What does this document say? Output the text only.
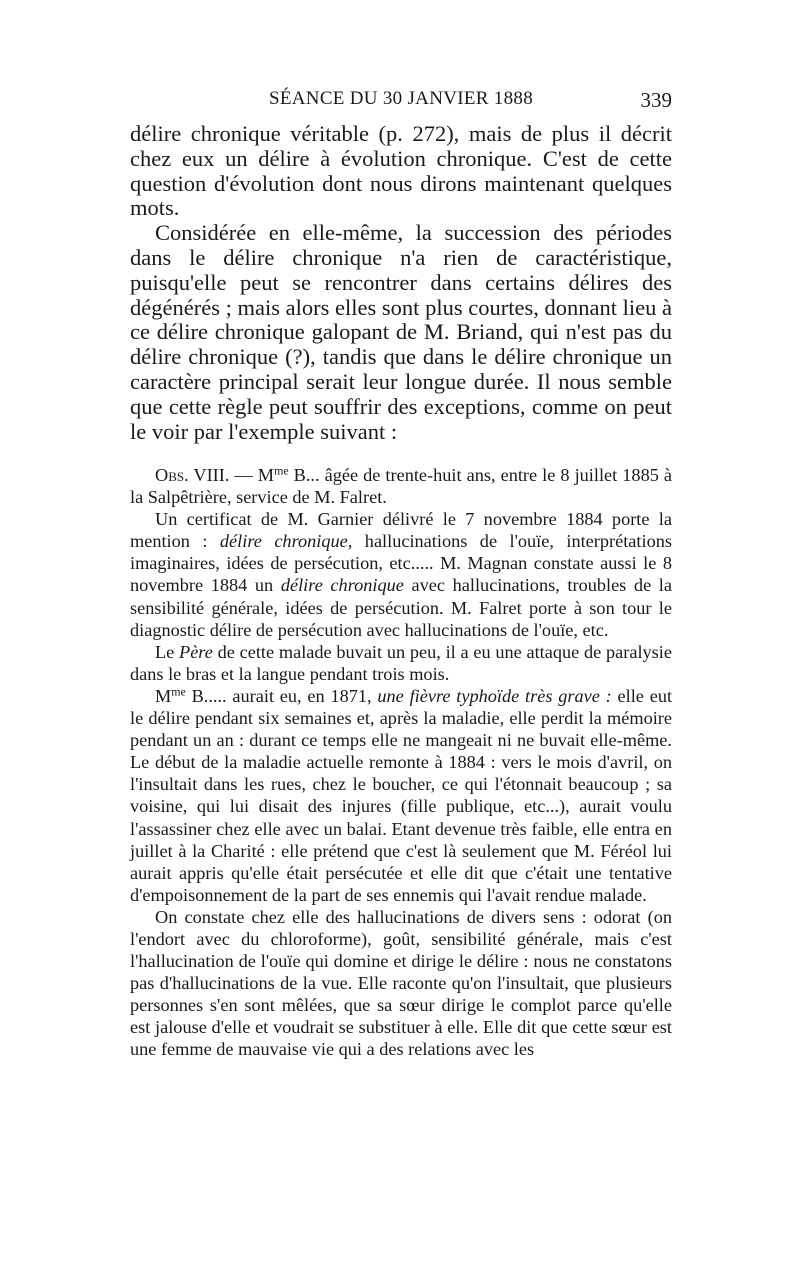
SÉANCE DU 30 JANVIER 1888	339

délire chronique véritable (p. 272), mais de plus il décrit chez eux un délire à évolution chronique. C'est de cette question d'évolution dont nous dirons maintenant quelques mots.

Considérée en elle-même, la succession des périodes dans le délire chronique n'a rien de caractéristique, puisqu'elle peut se rencontrer dans certains délires des dégénérés ; mais alors elles sont plus courtes, donnant lieu à ce délire chronique galopant de M. Briand, qui n'est pas du délire chronique (?), tandis que dans le délire chronique un caractère principal serait leur longue durée. Il nous semble que cette règle peut souffrir des exceptions, comme on peut le voir par l'exemple suivant :

Obs. VIII. — $M^{me}$ B... âgée de trente-huit ans, entre le 8 juillet 1885 à la Salpêtrière, service de M. Falret.

Un certificat de M. Garnier délivré le 7 novembre 1884 porte la mention : délire chronique, hallucinations de l'ouïe, interprétations imaginaires, idées de persécution, etc..... M. Magnan constate aussi le 8 novembre 1884 un délire chronique avec hallucinations, troubles de la sensibilité générale, idées de persécution. M. Falret porte à son tour le diagnostic délire de persécution avec hallucinations de l'ouïe, etc.

Le Père de cette malade buvait un peu, il a eu une attaque de paralysie dans le bras et la langue pendant trois mois.

$M^{me}$ B..... aurait eu, en 1871, une fièvre typhoïde très grave : elle eut le délire pendant six semaines et, après la maladie, elle perdit la mémoire pendant un an : durant ce temps elle ne mangeait ni ne buvait elle-même. Le début de la maladie actuelle remonte à 1884 : vers le mois d'avril, on l'insultait dans les rues, chez le boucher, ce qui l'étonnait beaucoup ; sa voisine, qui lui disait des injures (fille publique, etc...), aurait voulu l'assassiner chez elle avec un balai. Etant devenue très faible, elle entra en juillet à la Charité : elle prétend que c'est là seulement que M. Féréol lui aurait appris qu'elle était persécutée et elle dit que c'était une tentative d'empoisonnement de la part de ses ennemis qui l'avait rendue malade.

On constate chez elle des hallucinations de divers sens : odorat (on l'endort avec du chloroforme), goût, sensibilité générale, mais c'est l'hallucination de l'ouïe qui domine et dirige le délire : nous ne constatons pas d'hallucinations de la vue. Elle raconte qu'on l'insultait, que plusieurs personnes s'en sont mêlées, que sa sœur dirige le complot parce qu'elle est jalouse d'elle et voudrait se substituer à elle. Elle dit que cette sœur est une femme de mauvaise vie qui a des relations avec les
